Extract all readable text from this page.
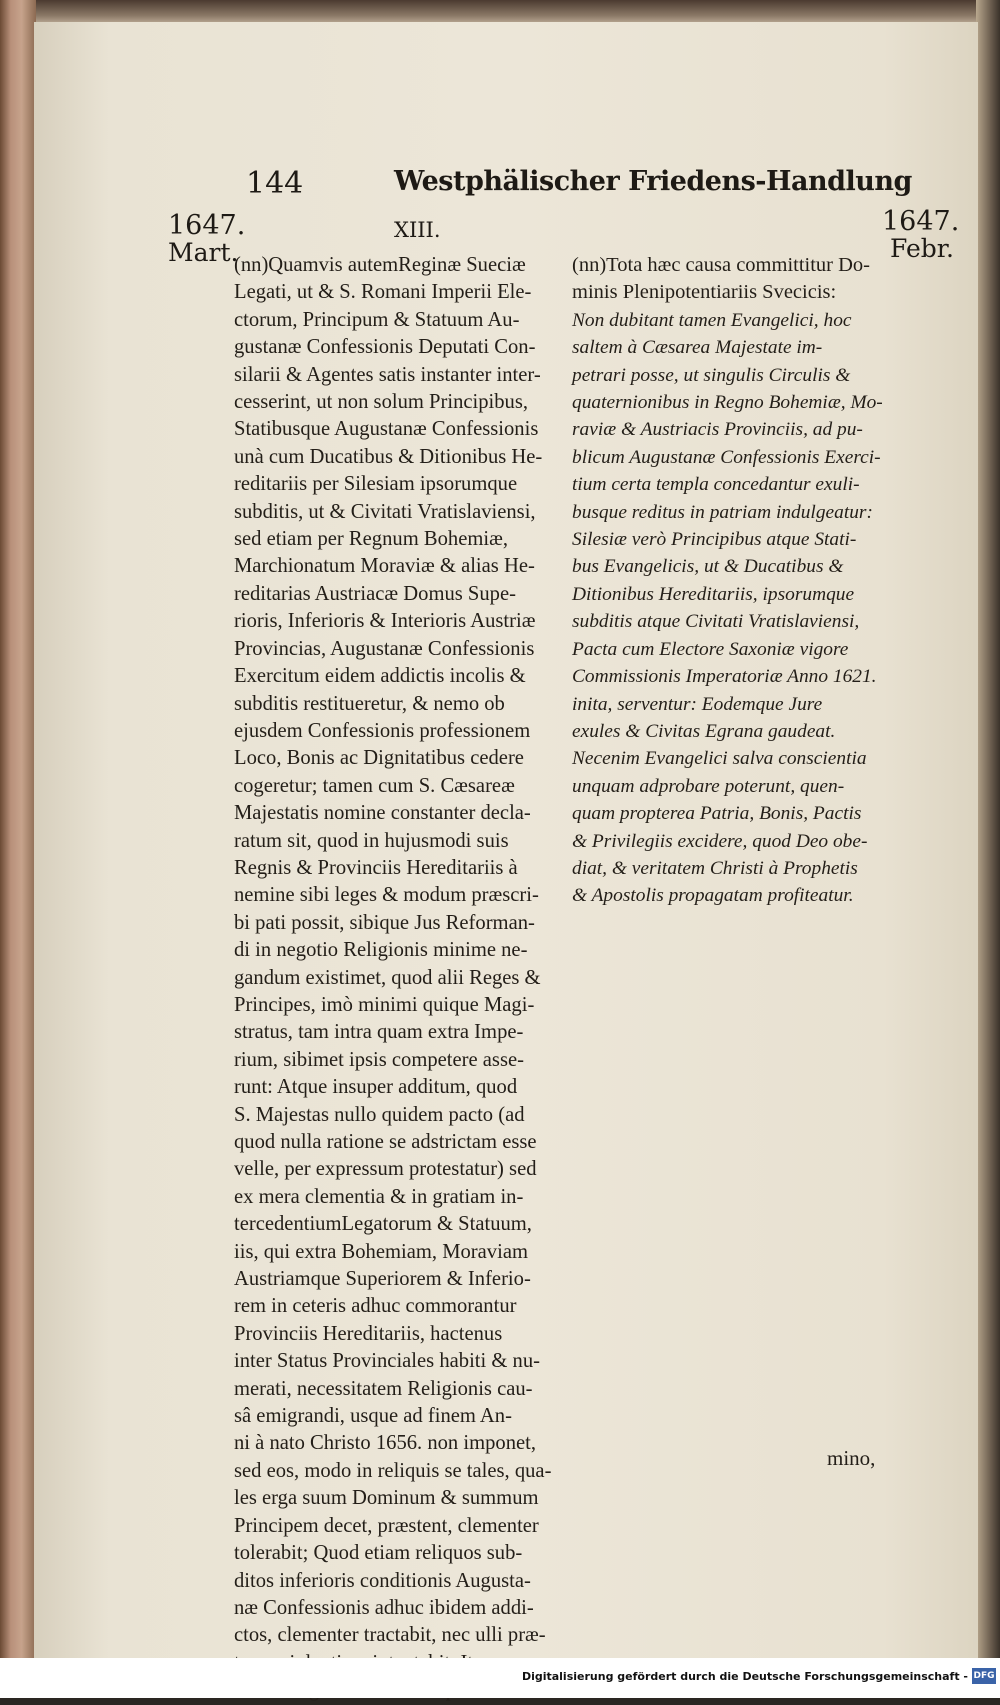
144	Westphälischer Friedens-Handlung
1647.
Mart.
1647.
Febr.
XIII.
(nn)Quamvis autemReginæ Sueciæ
Legati, ut & S. Romani Imperii Ele-
ctorum, Principum & Statuum Au-
gustanæ Confessionis Deputati Con-
silarii & Agentes satis instanter inter-
cesserint, ut non solum Principibus,
Statibusque Augustanæ Confessionis
unà cum Ducatibus & Ditionibus He-
reditariis per Silesiam ipsorumque
subditis, ut & Civitati Vratislaviensi,
sed etiam per Regnum Bohemiæ,
Marchionatum Moraviæ & alias He-
reditarias Austriacæ Domus Supe-
rioris, Inferioris & Interioris Austriæ
Provincias, Augustanæ Confessionis
Exercitum eidem addictis incolis &
subditis restitueretur, & nemo ob
ejusdem Confessionis professionem
Loco, Bonis ac Dignitatibus cedere
cogeretur; tamen cum S. Cæsareæ
Majestatis nomine constanter decla-
ratum sit, quod in hujusmodi suis
Regnis & Provinciis Hereditariis à
nemine sibi leges & modum præscri-
bi pati possit, sibique Jus Reforman-
di in negotio Religionis minime ne-
gandum existimet, quod alii Reges &
Principes, imò minimi quique Magi-
stratus, tam intra quam extra Impe-
rium, sibimet ipsis competere asse-
runt: Atque insuper additum, quod
S. Majestas nullo quidem pacto (ad
quod nulla ratione se adstrictam esse
velle, per expressum protestatur) sed
ex mera clementia & in gratiam in-
tercedentiumLegatorum & Statuum,
iis, qui extra Bohemiam, Moraviam
Austriamque Superiorem & Inferio-
rem in ceteris adhuc commorantur
Provinciis Hereditariis, hactenus
inter Status Provinciales habiti & nu-
merati, necessitatem Religionis cau-
sâ emigrandi, usque ad finem An-
ni à nato Christo 1656. non imponet,
sed eos, modo in reliquis se tales, qua-
les erga suum Dominum & summum
Principem decet, præstent, clementer
tolerabit; Quod etiam reliquos sub-
ditos inferioris conditionis Augusta-
næ Confessionis adhuc ibidem addi-
ctos, clementer tractabit, nec ulli præ-
(nn)Tota hæc causa committitur Do-
minis Plenipotentiariis Svecicis:
Non dubitant tamen Evangelici, hoc
saltem à Cæsarea Majestate im-
petrari posse, ut singulis Circulis &
quaternionibus in Regno Bohemiæ, Mo-
raviæ & Austriacis Provinciis, ad pu-
blicum Augustanæ Confessionis Exerci-
tium certa templa concedantur exuli-
busque reditus in patriam indulgeatur:
Silesiæ verò Principibus atque Stati-
bus Evangelicis, ut & Ducatibus &
Ditionibus Hereditariis, ipsorumque
subditis atque Civitati Vratislaviensi,
Pacta cum Electore Saxoniæ vigore
Commissionis Imperatoriæ Anno 1621.
inita, serventur: Eodemque Jure
exules & Civitas Egrana gaudeat.
Necenim Evangelici salva conscientia
unquam adprobare poterunt, quen-
quam propterea Patria, Bonis, Pactis
& Privilegiis excidere, quod Deo obe-
diat, & veritatem Christi à Prophetis
& Apostolis propagatam profiteatur.
mino,
Digitalisierung gefördert durch die Deutsche Forschungsgemeinschaft - DFG
